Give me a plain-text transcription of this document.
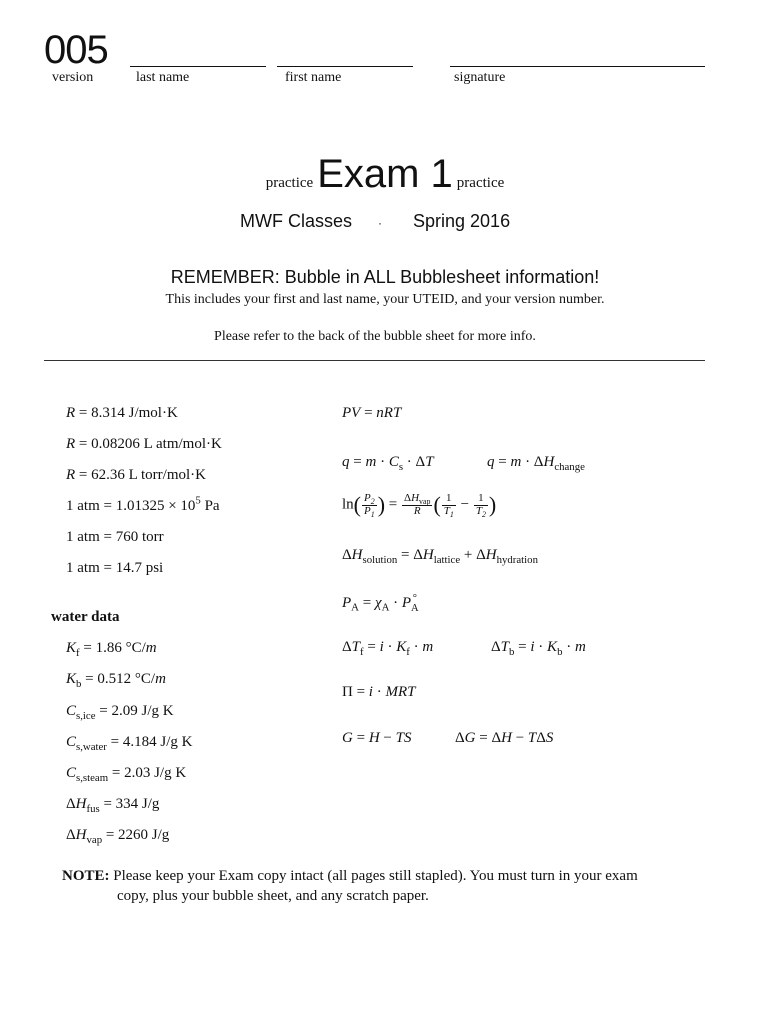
005
version	last name	first name	signature
practice Exam 1 practice
MWF Classes · Spring 2016
REMEMBER: Bubble in ALL Bubblesheet information!
This includes your first and last name, your UTEID, and your version number.
Please refer to the back of the bubble sheet for more info.
R = 8.314 J/mol·K
R = 0.08206 L atm/mol·K
R = 62.36 L torr/mol·K
1 atm = $1.01325 \times 10^5$ Pa
1 atm = 760 torr
1 atm = 14.7 psi
water data
$K_f = 1.86$ °C/m
$K_b = 0.512$ °C/m
$C_{s,ice} = 2.09$ J/g K
$C_{s,water} = 4.184$ J/g K
$C_{s,steam} = 2.03$ J/g K
$\Delta H_{fus} = 334$ J/g
$\Delta H_{vap} = 2260$ J/g
PV = nRT
$q = m \cdot C_s \cdot \Delta T$	$q = m \cdot \Delta H_{change}$
$\ln( \frac{P_2}{P_1}$ ) = $\frac{\Delta H_{vap}}{R}$ ( $\frac{1}{T_1} - \frac{1}{T_2}$ )
$\Delta H_{solution} = \Delta H_{lattice} + \Delta H_{hydration}$
$P_A = \chi_A \cdot P$ °
A
$\Delta T_f = i \cdot K_f \cdot m$	$\Delta T_b = i \cdot K_b \cdot m$
Π = i · MRT
G = H − TS	ΔG = ΔH − TΔS
NOTE: Please keep your Exam copy intact (all pages still stapled). You must turn in your exam
copy, plus your bubble sheet, and any scratch paper.
